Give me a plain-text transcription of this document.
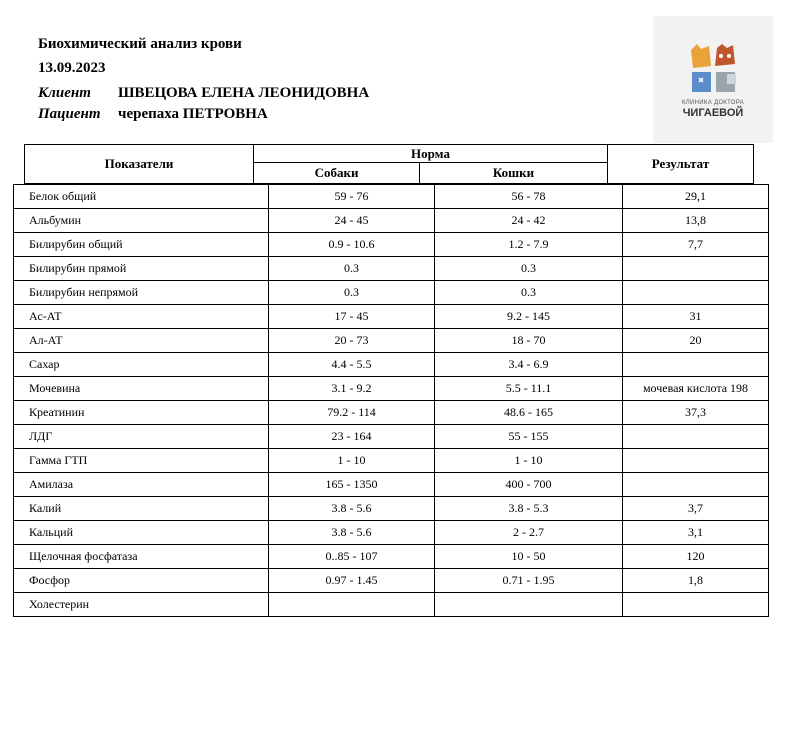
Биохимический анализ крови
13.09.2023
Клиент	ШВЕЦОВА ЕЛЕНА ЛЕОНИДОВНА
Пациент	черепаха ПЕТРОВНА
КЛИНИКА ДОКТОРА
ЧИГАЕВОЙ
Показатели	Норма		Результат
	Собаки	Кошки	
Белок общий	59 - 76	56 - 78	29,1
Альбумин	24 - 45	24 - 42	13,8
Билирубин общий	0.9 - 10.6	1.2 - 7.9	7,7
Билирубин прямой	0.3	0.3	
Билирубин непрямой	0.3	0.3	
Ас-АТ	17 - 45	9.2 - 145	31
Ал-АТ	20 - 73	18 - 70	20
Сахар	4.4 - 5.5	3.4 - 6.9	
Мочевина	3.1 - 9.2	5.5 - 11.1	мочевая кислота 198
Креатинин	79.2 - 114	48.6 - 165	37,3
ЛДГ	23 - 164	55 - 155	
Гамма ГТП	1 - 10	1 - 10	
Амилаза	165 - 1350	400 - 700	
Калий	3.8 - 5.6	3.8 - 5.3	3,7
Кальций	3.8 - 5.6	2 - 2.7	3,1
Щелочная фосфатаза	0..85 - 107	10 - 50	120
Фосфор	0.97 - 1.45	0.71 - 1.95	1,8
Холестерин			
